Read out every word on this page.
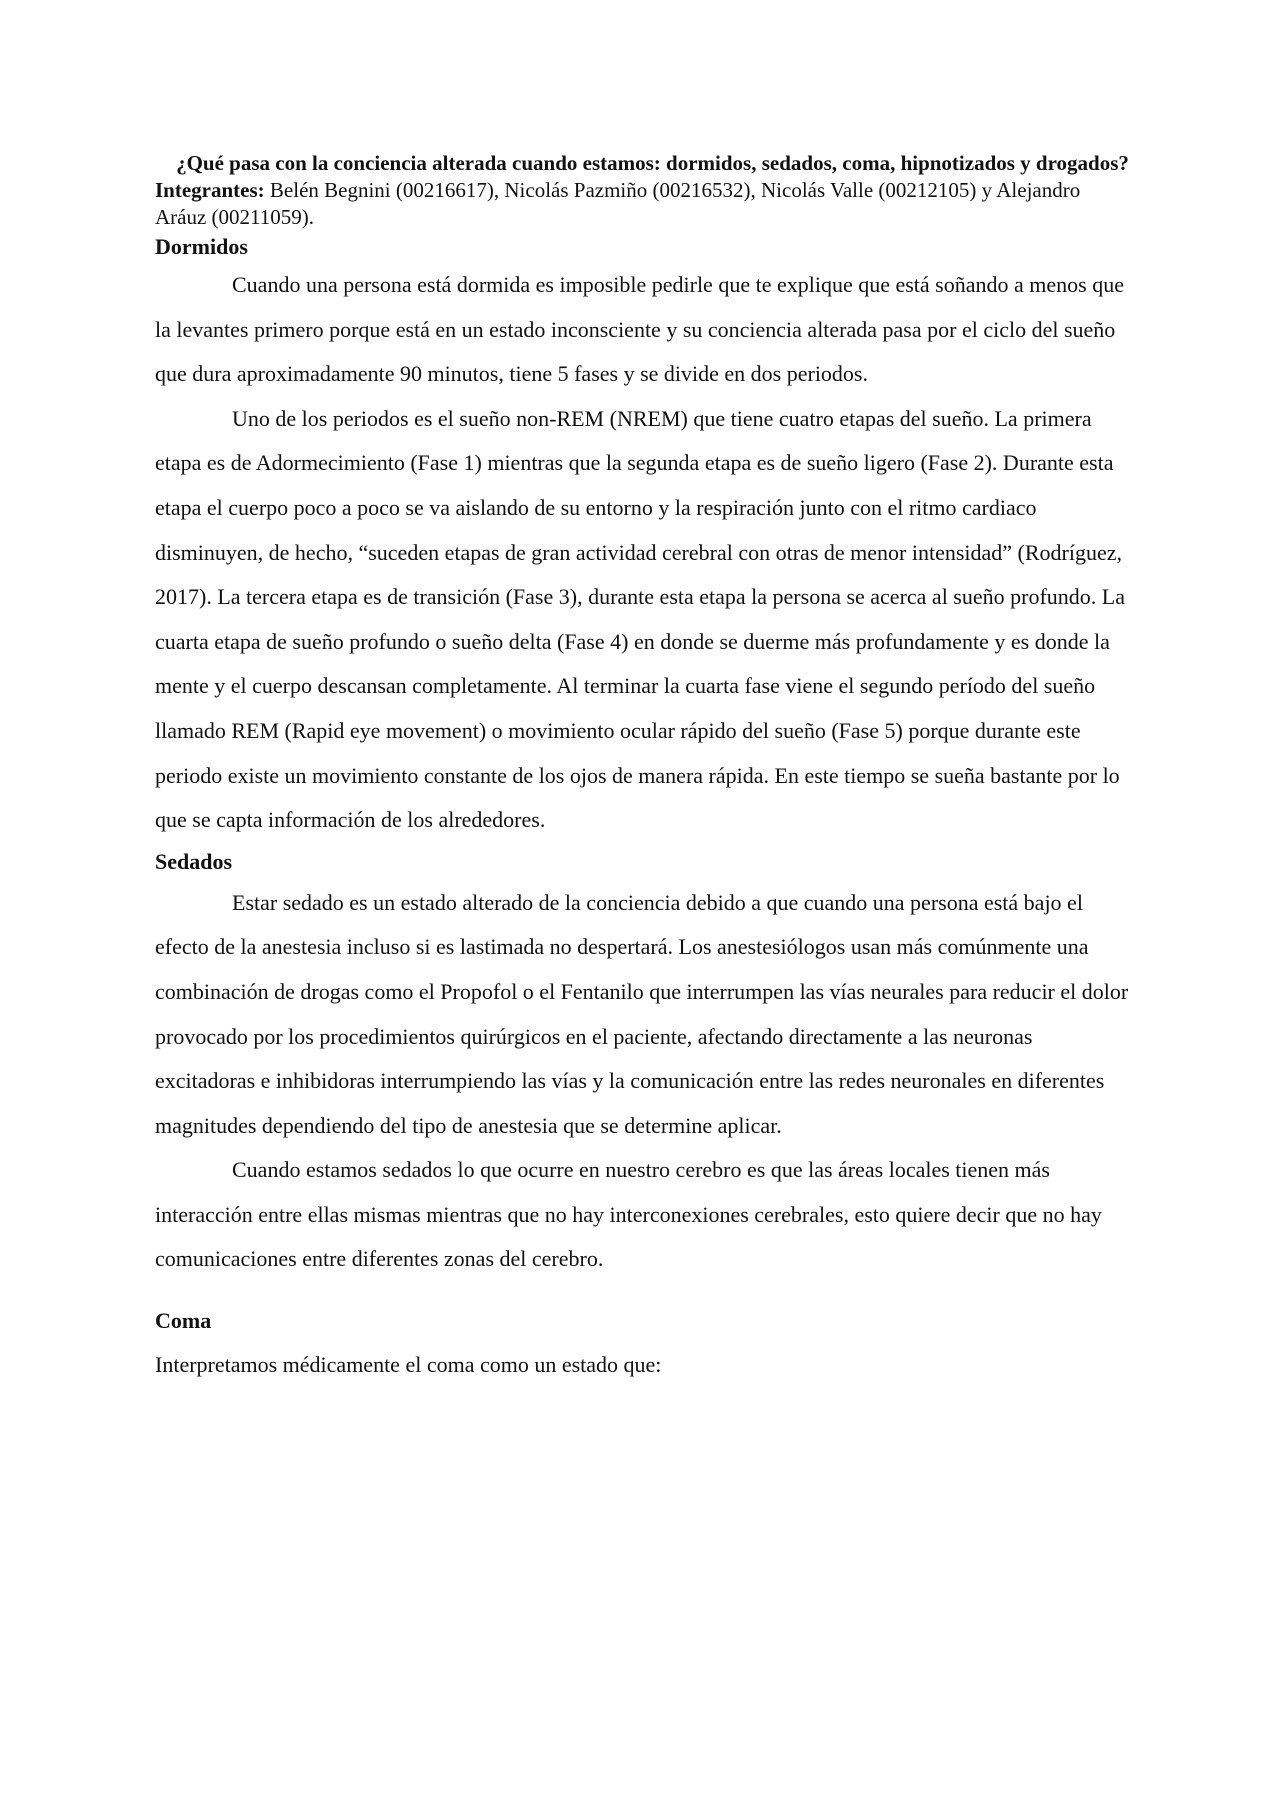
¿Qué pasa con la conciencia alterada cuando estamos: dormidos, sedados, coma, hipnotizados y drogados?

Integrantes: Belén Begnini (00216617), Nicolás Pazmiño (00216532), Nicolás Valle (00212105) y Alejandro Aráuz (00211059).

Dormidos

Cuando una persona está dormida es imposible pedirle que te explique que está soñando a menos que la levantes primero porque está en un estado inconsciente y su conciencia alterada pasa por el ciclo del sueño que dura aproximadamente 90 minutos, tiene 5 fases y se divide en dos periodos.

Uno de los periodos es el sueño non-REM (NREM) que tiene cuatro etapas del sueño. La primera etapa es de Adormecimiento (Fase 1) mientras que la segunda etapa es de sueño ligero (Fase 2). Durante esta etapa el cuerpo poco a poco se va aislando de su entorno y la respiración junto con el ritmo cardiaco disminuyen, de hecho, “suceden etapas de gran actividad cerebral con otras de menor intensidad” (Rodríguez, 2017). La tercera etapa es de transición (Fase 3), durante esta etapa la persona se acerca al sueño profundo. La cuarta etapa de sueño profundo o sueño delta (Fase 4) en donde se duerme más profundamente y es donde la mente y el cuerpo descansan completamente. Al terminar la cuarta fase viene el segundo período del sueño llamado REM (Rapid eye movement) o movimiento ocular rápido del sueño (Fase 5) porque durante este periodo existe un movimiento constante de los ojos de manera rápida. En este tiempo se sueña bastante por lo que se capta información de los alrededores.

Sedados

Estar sedado es un estado alterado de la conciencia debido a que cuando una persona está bajo el efecto de la anestesia incluso si es lastimada no despertará. Los anestesiólogos usan más comúnmente una combinación de drogas como el Propofol o el Fentanilo que interrumpen las vías neurales para reducir el dolor provocado por los procedimientos quirúrgicos en el paciente, afectando directamente a las neuronas excitadoras e inhibidoras interrumpiendo las vías y la comunicación entre las redes neuronales en diferentes magnitudes dependiendo del tipo de anestesia que se determine aplicar.

Cuando estamos sedados lo que ocurre en nuestro cerebro es que las áreas locales tienen más interacción entre ellas mismas mientras que no hay interconexiones cerebrales, esto quiere decir que no hay comunicaciones entre diferentes zonas del cerebro.

Coma

Interpretamos médicamente el coma como un estado que:
